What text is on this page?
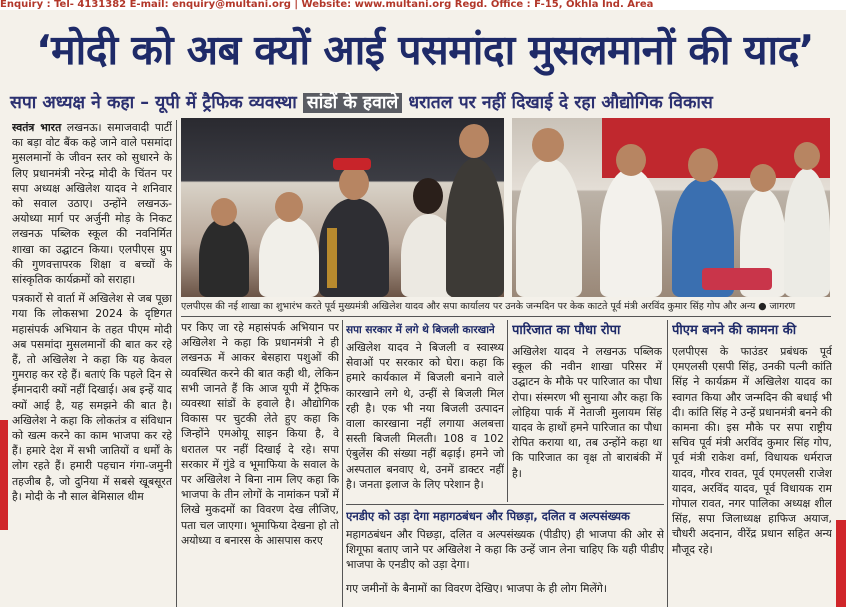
Enquiry : Tel- 4131382 E-mail: enquiry@multani.org | Website: www.multani.org Regd. Office : F-15, Okhla Ind. Area
‘मोदी को अब क्यों आई पसमांदा मुसलमानों की याद’
सपा अध्यक्ष ने कहा – यूपी में ट्रैफिक व्यवस्था सांडों के हवाले धरातल पर नहीं दिखाई दे रहा औद्योगिक विकास

स्वतंत्र भारत लखनऊ। समाजवादी पार्टी का बड़ा वोट बैंक कहे जाने वाले पसमांदा मुसलमानों के जीवन स्तर को सुधारने के लिए प्रधानमंत्री नरेन्द्र मोदी के चिंतन पर सपा अध्यक्ष अखिलेश यादव ने शनिवार को सवाल उठाए। उन्होंने लखनऊ-अयोध्या मार्ग पर अर्जुनी मोड़ के निकट लखनऊ पब्लिक स्कूल की नवनिर्मित शाखा का उद्घाटन किया। एलपीएस ग्रुप की गुणवत्तापरक शिक्षा व बच्चों के सांस्कृतिक कार्यक्रमों को सराहा।

पत्रकारों से वार्ता में अखिलेश से जब पूछा गया कि लोकसभा 2024 के दृष्टिगत महासंपर्क अभियान के तहत पीएम मोदी अब पसमांदा मुसलमानों की बात कर रहे हैं, तो अखिलेश ने कहा कि यह केवल गुमराह कर रहे हैं। बताएं कि पहले दिन से ईमानदारी क्यों नहीं दिखाई। अब इन्हें याद क्यों आई है, यह समझने की बात है। अखिलेश ने कहा कि लोकतंत्र व संविधान को खत्म करने का काम भाजपा कर रहे हैं। हमारे देश में सभी जातियों व धर्मों के लोग रहते हैं। हमारी पहचान गंगा-जमुनी तहजीब है, जो दुनिया में सबसे खूबसूरत है। मोदी के नौ साल बेमिसाल थीम

एलपीएस की नई शाखा का शुभारंभ करते पूर्व मुख्यमंत्री अखिलेश यादव और सपा कार्यालय पर उनके जन्मदिन पर केक काटते पूर्व मंत्री अरविंद कुमार सिंह गोप और अन्य ● जागरण

पर किए जा रहे महासंपर्क अभियान पर अखिलेश ने कहा कि प्रधानमंत्री ने ही लखनऊ में आकर बेसहारा पशुओं की व्यवस्थित करने की बात कही थी, लेकिन सभी जानते हैं कि आज यूपी में ट्रैफिक व्यवस्था सांडों के हवाले है। औद्योगिक विकास पर चुटकी लेते हुए कहा कि जिन्होंने एमओयू साइन किया है, वे धरातल पर नहीं दिखाई दे रहे। सपा सरकार में गुंडे व भूमाफिया के सवाल के पर अखिलेश ने बिना नाम लिए कहा कि भाजपा के तीन लोगों के नामांकन पत्रों में लिखे मुकदमों का विवरण देख लीजिए, पता चल जाएगा। भूमाफिया देखना हो तो अयोध्या व बनारस के आसपास करए

सपा सरकार में लगे थे बिजली कारखाने

अखिलेश यादव ने बिजली व स्वास्थ्य सेवाओं पर सरकार को घेरा। कहा कि हमारे कार्यकाल में बिजली बनाने वाले कारखाने लगे थे, उन्हीं से बिजली मिल रही है। एक भी नया बिजली उत्पादन वाला कारखाना नहीं लगाया अलबत्ता सस्ती बिजली मिलती। 108 व 102 एंबुलेंस की संख्या नहीं बढ़ाई। हमने जो अस्पताल बनवाए थे, उनमें डाक्टर नहीं है। जनता इलाज के लिए परेशान है।

पारिजात का पौधा रोपा

अखिलेश यादव ने लखनऊ पब्लिक स्कूल की नवीन शाखा परिसर में उद्घाटन के मौके पर पारिजात का पौधा रोपा। संस्मरण भी सुनाया और कहा कि लोहिया पार्क में नेताजी मुलायम सिंह यादव के हाथों हमने पारिजात का पौधा रोपित कराया था, तब उन्होंने कहा था कि पारिजात का वृक्ष तो बाराबंकी में है।

पीएम बनने की कामना की

एलपीएस के फाउंडर प्रबंधक पूर्व एमएलसी एसपी सिंह, उनकी पत्नी कांति सिंह ने कार्यक्रम में अखिलेश यादव का स्वागत किया और जन्मदिन की बधाई भी दी। कांति सिंह ने उन्हें प्रधानमंत्री बनने की कामना की। इस मौके पर सपा राष्ट्रीय सचिव पूर्व मंत्री अरविंद कुमार सिंह गोप, पूर्व मंत्री राकेश वर्मा, विधायक धर्मराज यादव, गौरव रावत, पूर्व एमएलसी राजेश यादव, अरविंद यादव, पूर्व विधायक राम गोपाल रावत, नगर पालिका अध्यक्ष शील सिंह, सपा जिलाध्यक्ष हाफिज अयाज, चौधरी अदनान, वीरेंद्र प्रधान सहित अन्य मौजूद रहे।

एनडीए को उड़ा देगा महागठबंधन और पिछड़ा, दलित व अल्पसंख्यक

महागठबंधन और पिछड़ा, दलित व अल्पसंख्यक (पीडीए) ही भाजपा की ओर से शिगूफा बताए जाने पर अखिलेश ने कहा कि उन्हें जान लेना चाहिए कि यही पीडीए भाजपा के एनडीए को उड़ा देगा।

गए जमीनों के बैनामों का विवरण देखिए। भाजपा के ही लोग मिलेंगे।
